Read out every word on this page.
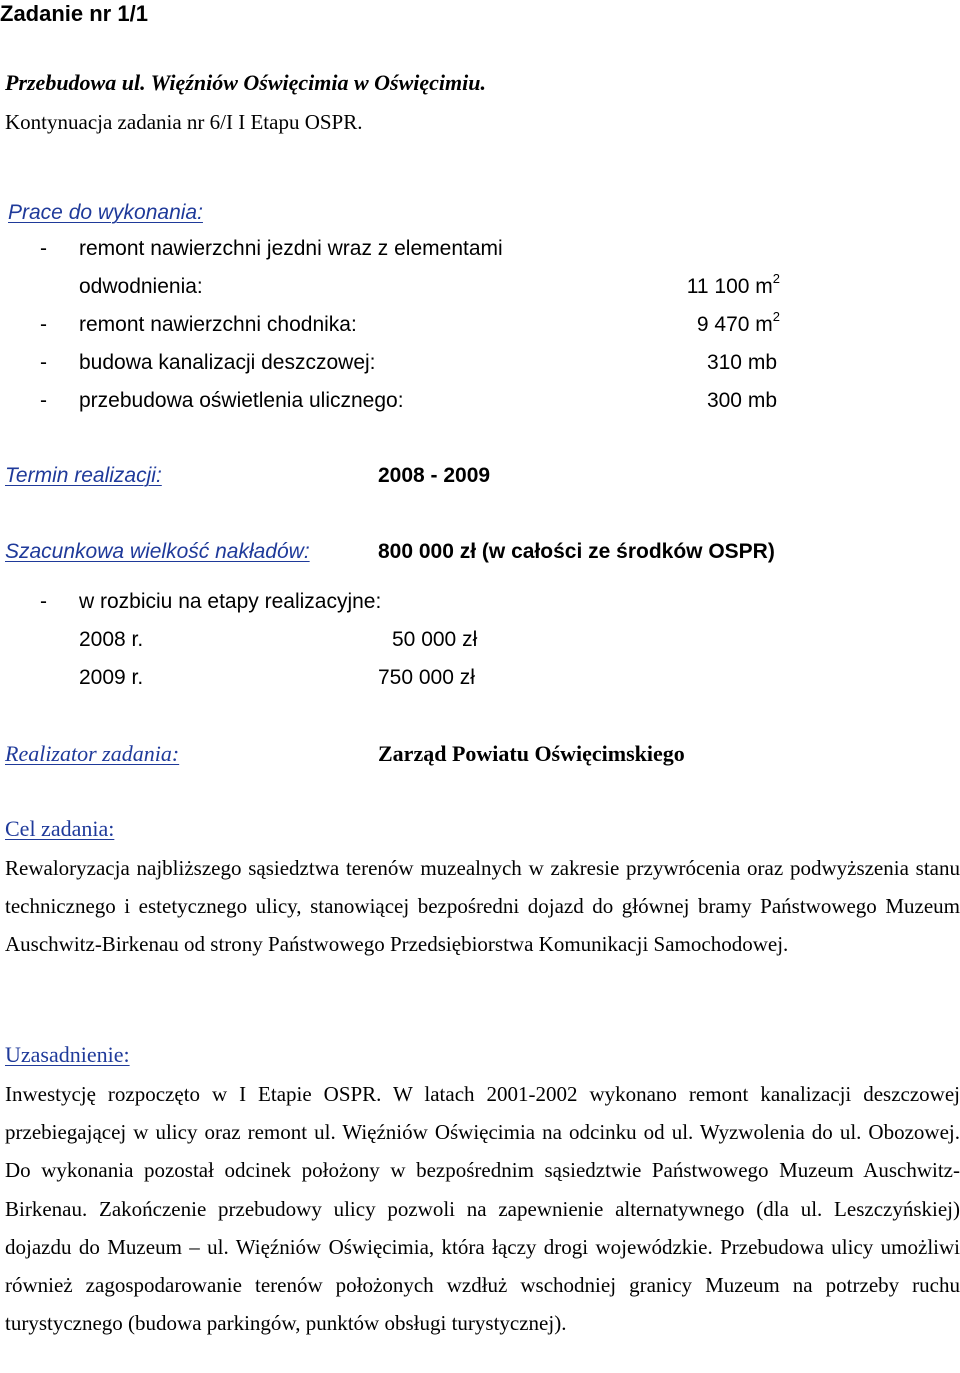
Zadanie nr 1/1
Przebudowa ul. Więźniów Oświęcimia w Oświęcimiu.
Kontynuacja zadania nr 6/I I Etapu OSPR.
Prace do wykonania:
- remont nawierzchni jezdni wraz z elementami
odwodnienia:	11 100 $m^2$
- remont nawierzchni chodnika:	9 470 $m^2$
- budowa kanalizacji deszczowej:	310 mb
- przebudowa oświetlenia ulicznego:	300 mb
Termin realizacji:	2008 - 2009
Szacunkowa wielkość nakładów:	800 000 zł (w całości ze środków OSPR)
- w rozbiciu na etapy realizacyjne:
2008 r.	50 000 zł
2009 r.	750 000 zł
Realizator zadania:	Zarząd Powiatu Oświęcimskiego
Cel zadania:
Rewaloryzacja najbliższego sąsiedztwa terenów muzealnych w zakresie przywrócenia oraz podwyższenia stanu technicznego i estetycznego ulicy, stanowiącej bezpośredni dojazd do głównej bramy Państwowego Muzeum Auschwitz-Birkenau od strony Państwowego Przedsiębiorstwa Komunikacji Samochodowej.
Uzasadnienie:
Inwestycję rozpoczęto w I Etapie OSPR. W latach 2001-2002 wykonano remont kanalizacji deszczowej przebiegającej w ulicy oraz remont ul. Więźniów Oświęcimia na odcinku od ul. Wyzwolenia do ul. Obozowej. Do wykonania pozostał odcinek położony w bezpośrednim sąsiedztwie Państwowego Muzeum Auschwitz-Birkenau. Zakończenie przebudowy ulicy pozwoli na zapewnienie alternatywnego (dla ul. Leszczyńskiej) dojazdu do Muzeum – ul. Więźniów Oświęcimia, która łączy drogi wojewódzkie. Przebudowa ulicy umożliwi również zagospodarowanie terenów położonych wzdłuż wschodniej granicy Muzeum na potrzeby ruchu turystycznego (budowa parkingów, punktów obsługi turystycznej).
